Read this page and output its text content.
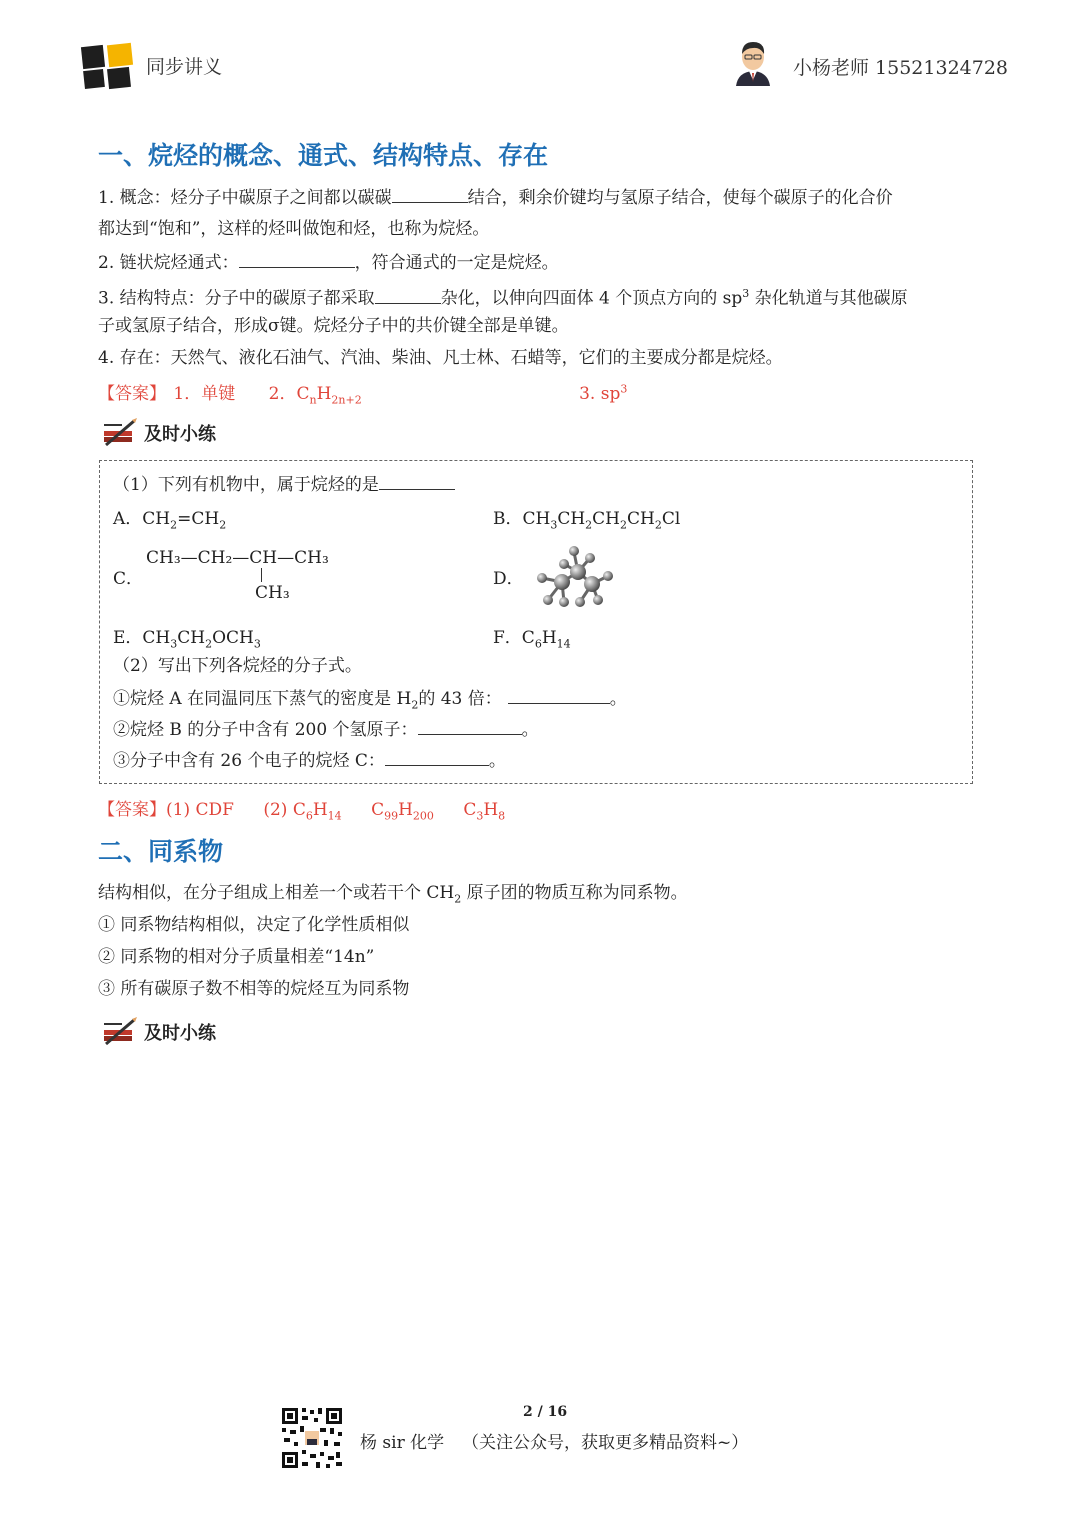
同步讲义	小杨老师 15521324728
一、烷烃的概念、通式、结构特点、存在
1. 概念：烃分子中碳原子之间都以碳碳	结合，剩余价键均与氢原子结合，使每个碳原子的化合价
都达到“饱和”，这样的烃叫做饱和烃，也称为烷烃。
2. 链状烷烃通式：	，符合通式的一定是烷烃。
3. 结构特点：分子中的碳原子都采取	杂化，以伸向四面体 4 个顶点方向的 $sp^3$ 杂化轨道与其他碳原
子或氢原子结合，形成σ键。烷烃分子中的共价键全部是单键。
4. 存在：天然气、液化石油气、汽油、柴油、凡士林、石蜡等，它们的主要成分都是烷烃。
【答案】 1．单键 2．$C_nH_{2n+2}$	3. $sp^3$
及时小练
（1）下列有机物中，属于烷烃的是
A．$CH_2=CH_2$	B．$CH_3CH_2CH_2CH_2Cl$
C．
CH₃—CH₂—CH—CH₃
CH₃
D．
E．$CH_3CH_2OCH_3$	F．$C_6H_{14}$
（2）写出下列各烷烃的分子式。
①烷烃 A 在同温同压下蒸气的密度是 $H_2$的 43 倍：	。
②烷烃 B 的分子中含有 200 个氢原子：	。
③分子中含有 26 个电子的烷烃 C：	。
【答案】(1) CDF (2) $C_6H_{14}$ $C_{99}H_{200}$ $C_3H_8$
二、同系物
结构相似，在分子组成上相差一个或若干个 $CH_2$ 原子团的物质互称为同系物。
① 同系物结构相似，决定了化学性质相似
② 同系物的相对分子质量相差“14n”
③ 所有碳原子数不相等的烷烃互为同系物
及时小练
2 / 16
杨 sir 化学 （关注公众号，获取更多精品资料~）
